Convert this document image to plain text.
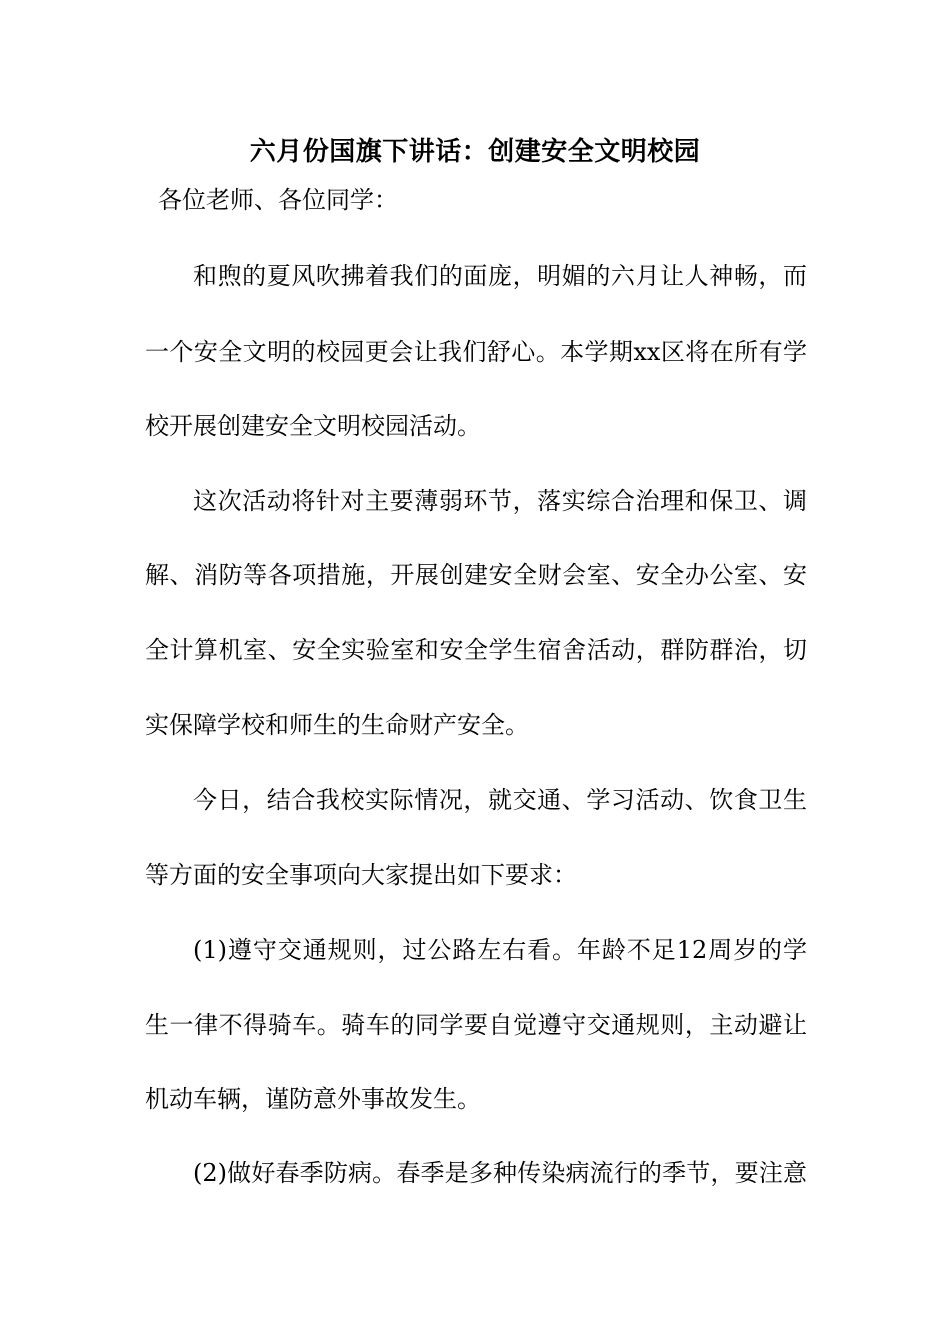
六月份国旗下讲话：创建安全文明校园

各位老师、各位同学：

和煦的夏风吹拂着我们的面庞，明媚的六月让人神畅，而

一个安全文明的校园更会让我们舒心。本学期xx区将在所有学

校开展创建安全文明校园活动。

这次活动将针对主要薄弱环节，落实综合治理和保卫、调

解、消防等各项措施，开展创建安全财会室、安全办公室、安

全计算机室、安全实验室和安全学生宿舍活动，群防群治，切

实保障学校和师生的生命财产安全。

今日，结合我校实际情况，就交通、学习活动、饮食卫生

等方面的安全事项向大家提出如下要求：

(1)遵守交通规则，过公路左右看。年龄不足12周岁的学

生一律不得骑车。骑车的同学要自觉遵守交通规则，主动避让

机动车辆，谨防意外事故发生。

(2)做好春季防病。春季是多种传染病流行的季节，要注意
